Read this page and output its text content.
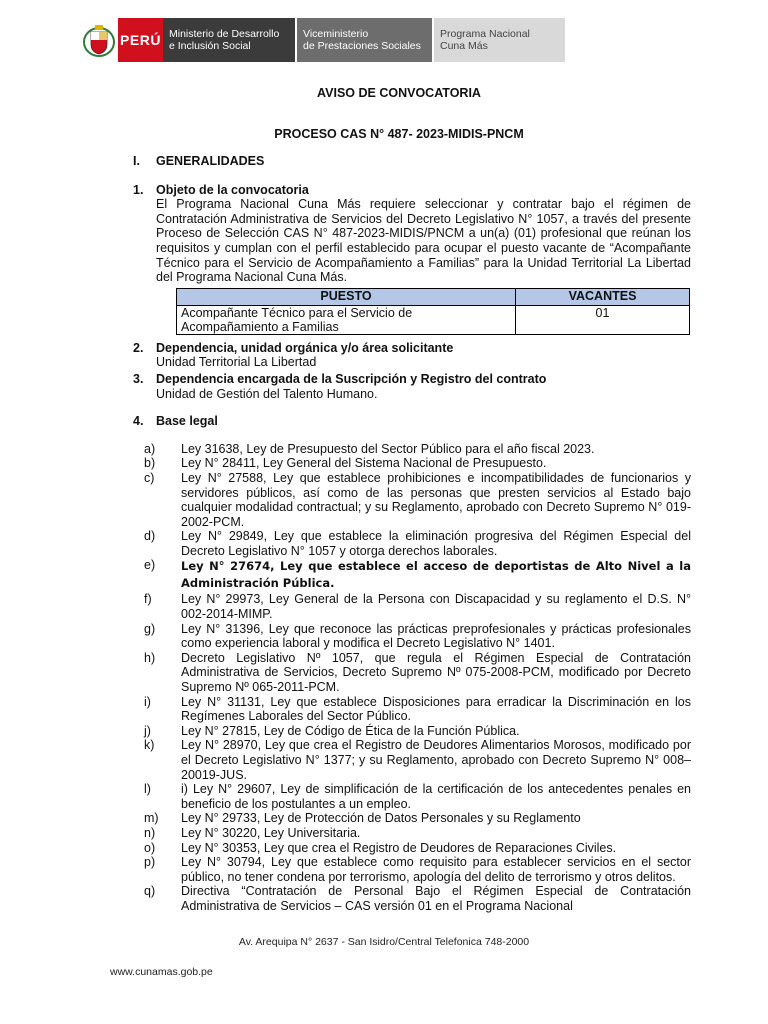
PERÚ Ministerio de Desarrollo
e Inclusión Social
Viceministerio
de Prestaciones Sociales
Programa Nacional
Cuna Más
AVISO DE CONVOCATORIA
PROCESO CAS N° 487- 2023-MIDIS-PNCM
I.	GENERALIDADES
1.	Objeto de la convocatoria
El Programa Nacional Cuna Más requiere seleccionar y contratar bajo el régimen de Contratación Administrativa de Servicios del Decreto Legislativo N° 1057, a través del presente Proceso de Selección CAS N° 487-2023-MIDIS/PNCM a un(a) (01) profesional que reúnan los requisitos y cumplan con el perfil establecido para ocupar el puesto vacante de “Acompañante Técnico para el Servicio de Acompañamiento a Familias” para la Unidad Territorial La Libertad del Programa Nacional Cuna Más.
PUESTO	VACANTES
Acompañante Técnico para el Servicio de Acompañamiento a Familias	01
2.	Dependencia, unidad orgánica y/o área solicitante
Unidad Territorial La Libertad
3.	Dependencia encargada de la Suscripción y Registro del contrato
Unidad de Gestión del Talento Humano.
4.	Base legal
a)	Ley 31638, Ley de Presupuesto del Sector Público para el año fiscal 2023.
b)	Ley N° 28411, Ley General del Sistema Nacional de Presupuesto.
c)	Ley N° 27588, Ley que establece prohibiciones e incompatibilidades de funcionarios y servidores públicos, así como de las personas que presten servicios al Estado bajo cualquier modalidad contractual; y su Reglamento, aprobado con Decreto Supremo N° 019-2002-PCM.
d)	Ley N° 29849, Ley que establece la eliminación progresiva del Régimen Especial del Decreto Legislativo N° 1057 y otorga derechos laborales.
e)	Ley N° 27674, Ley que establece el acceso de deportistas de Alto Nivel a la Administración Pública.
f)	Ley N° 29973, Ley General de la Persona con Discapacidad y su reglamento el D.S. N° 002-2014-MIMP.
g)	Ley N° 31396, Ley que reconoce las prácticas preprofesionales y prácticas profesionales como experiencia laboral y modifica el Decreto Legislativo N° 1401.
h)	Decreto Legislativo Nº 1057, que regula el Régimen Especial de Contratación Administrativa de Servicios, Decreto Supremo Nº 075-2008-PCM, modificado por Decreto Supremo Nº 065-2011-PCM.
i)	Ley N° 31131, Ley que establece Disposiciones para erradicar la Discriminación en los Regímenes Laborales del Sector Público.
j)	Ley N° 27815, Ley de Código de Ética de la Función Pública.
k)	Ley N° 28970, Ley que crea el Registro de Deudores Alimentarios Morosos, modificado por el Decreto Legislativo N° 1377; y su Reglamento, aprobado con Decreto Supremo N° 008–20019-JUS.
l)	i) Ley N° 29607, Ley de simplificación de la certificación de los antecedentes penales en beneficio de los postulantes a un empleo.
m)	Ley N° 29733, Ley de Protección de Datos Personales y su Reglamento
n)	Ley N° 30220, Ley Universitaria.
o)	Ley N° 30353, Ley que crea el Registro de Deudores de Reparaciones Civiles.
p)	Ley N° 30794, Ley que establece como requisito para establecer servicios en el sector público, no tener condena por terrorismo, apología del delito de terrorismo y otros delitos.
q)	Directiva “Contratación de Personal Bajo el Régimen Especial de Contratación Administrativa de Servicios – CAS versión 01 en el Programa Nacional
Av. Arequipa N° 2637 - San Isidro/Central Telefonica 748-2000
www.cunamas.gob.pe
